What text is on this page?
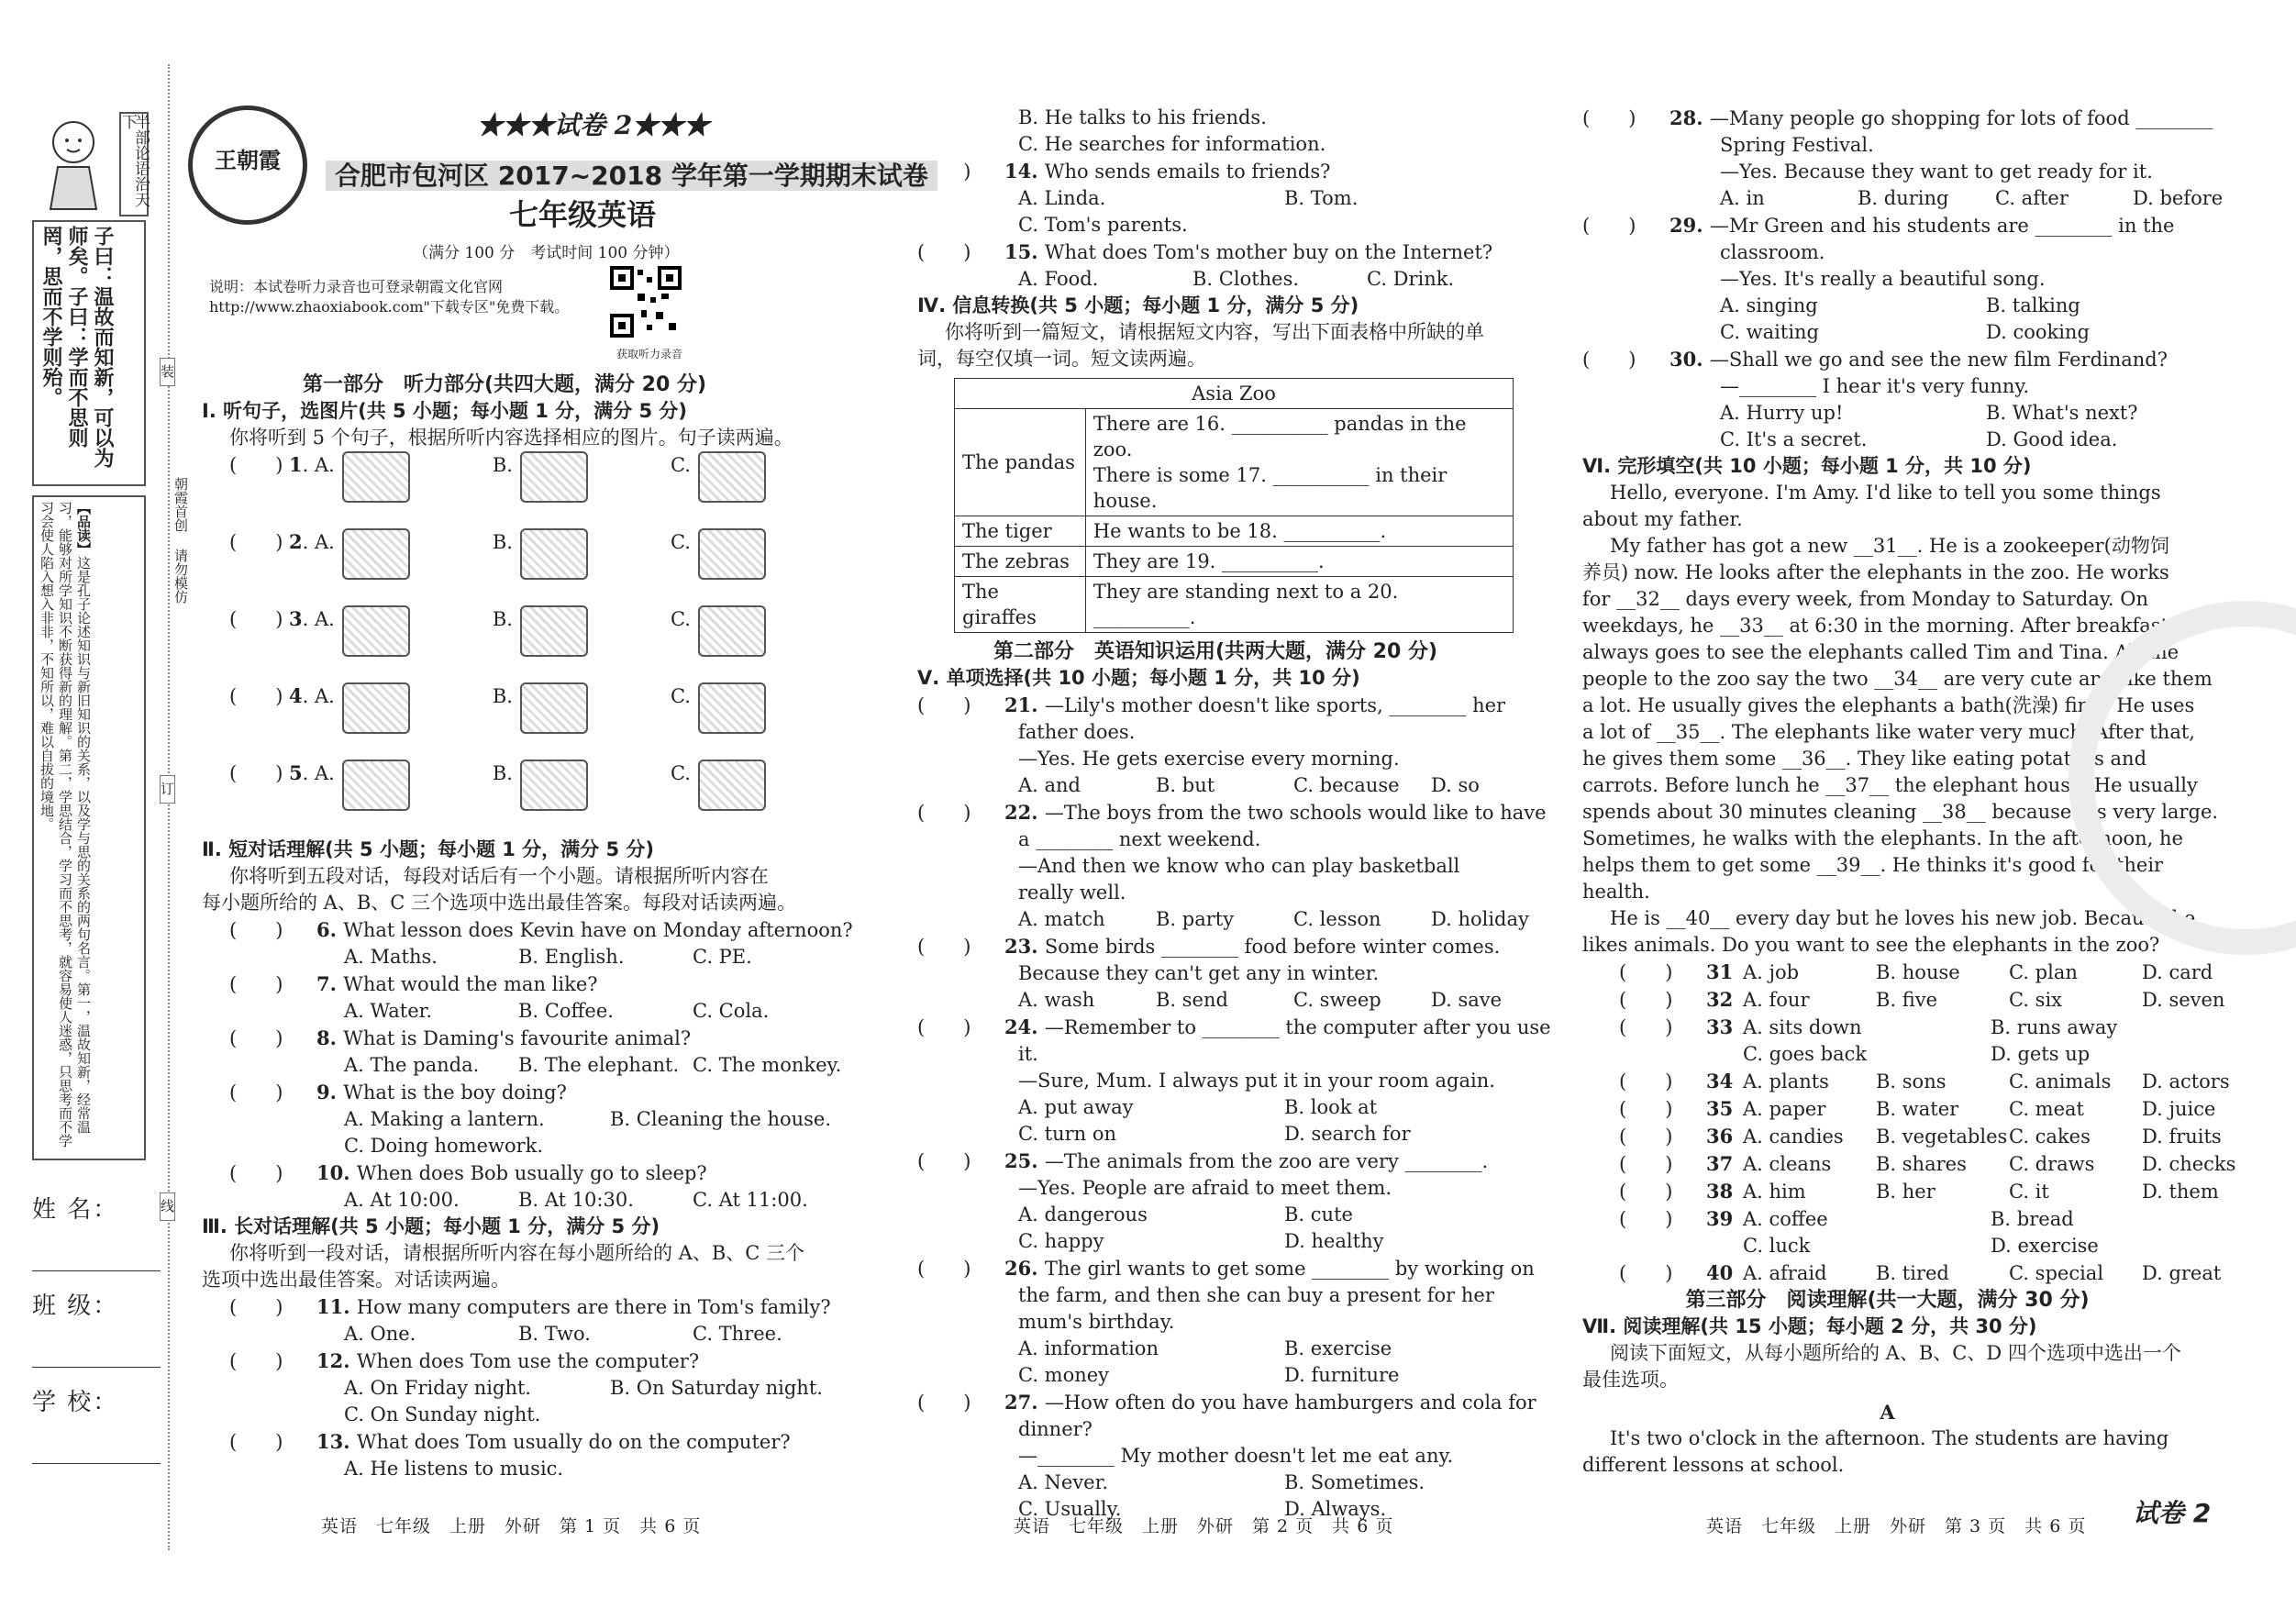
半部论语治天下
子曰：温故而知新，可以为师矣。子曰：学而不思则罔，思而不学则殆。
【品读】这是孔子论述知识与新旧知识的关系，以及学与思的关系的两句名言。第一，温故知新，经常温习，能够对所学知识不断获得新的理解。第二，学思结合，学习而不思考，就容易使人迷惑，只思考而不学习会使人陷入想入非非，不知所以，难以自拔的境地。
姓 名：
班 级：
学 校：
装
订
线
朝霞首创 请勿模仿
王朝霞
★★★试卷 2★★★
合肥市包河区 2017~2018 学年第一学期期末试卷
七年级英语
（满分 100 分　考试时间 100 分钟）
说明：本试卷听力录音也可登录朝霞文化官网 http://www.zhaoxiabook.com"下载专区"免费下载。
获取听力录音
第一部分　听力部分(共四大题，满分 20 分)
Ⅰ. 听句子，选图片(共 5 小题；每小题 1 分，满分 5 分)
你将听到 5 个句子，根据所听内容选择相应的图片。句子读两遍。
(　　) 1. A.	B.	C.
(　　) 2. A.	B.	C.
(　　) 3. A.	B.	C.
(　　) 4. A.	B.	C.
(　　) 5. A.	B.	C.
Ⅱ. 短对话理解(共 5 小题；每小题 1 分，满分 5 分)
你将听到五段对话，每段对话后有一个小题。请根据所听内容在
每小题所给的 A、B、C 三个选项中选出最佳答案。每段对话读两遍。
(　　) 6. What lesson does Kevin have on Monday afternoon?
A. Maths.	B. English.	C. PE.
(　　) 7. What would the man like?
A. Water.	B. Coffee.	C. Cola.
(　　) 8. What is Daming's favourite animal?
A. The panda. B. The elephant. C. The monkey.
(　　) 9. What is the boy doing?
A. Making a lantern.	B. Cleaning the house.
C. Doing homework.
(　　) 10. When does Bob usually go to sleep?
A. At 10:00.	B. At 10:30.	C. At 11:00.
Ⅲ. 长对话理解(共 5 小题；每小题 1 分，满分 5 分)
你将听到一段对话，请根据所听内容在每小题所给的 A、B、C 三个
选项中选出最佳答案。对话读两遍。
(　　) 11. How many computers are there in Tom's family?
A. One.	B. Two.	C. Three.
(　　) 12. When does Tom use the computer?
A. On Friday night.	B. On Saturday night.
C. On Sunday night.
(　　) 13. What does Tom usually do on the computer?
A. He listens to music.
英语　七年级　上册　外研　第 1 页　共 6 页
B. He talks to his friends.
C. He searches for information.
(　　) 14. Who sends emails to friends?
A. Linda.	B. Tom.
C. Tom's parents.
(　　) 15. What does Tom's mother buy on the Internet?
A. Food.	B. Clothes.	C. Drink.
Ⅳ. 信息转换(共 5 小题；每小题 1 分，满分 5 分)
你将听到一篇短文，请根据短文内容，写出下面表格中所缺的单
词，每空仅填一词。短文读两遍。
Asia Zoo	
The pandas	There are 16. __________ pandas in the zoo.
There is some 17. __________ in their house.

The tiger	He wants to be 18. __________.

The zebras	They are 19. __________.

The giraffes	They are standing next to a 20. __________.
第二部分　英语知识运用(共两大题，满分 20 分)
Ⅴ. 单项选择(共 10 小题；每小题 1 分，共 10 分)
(　　) 21. —Lily's mother doesn't like sports, ________ her
father does.
—Yes. He gets exercise every morning.
A. and	B. but	C. because D. so
(　　) 22. —The boys from the two schools would like to have
a ________ next weekend.
—And then we know who can play basketball
really well.
A. match	B. party	C. lesson	D. holiday
(　　) 23. Some birds ________ food before winter comes.
Because they can't get any in winter.
A. wash	B. send	C. sweep	D. save
(　　) 24. —Remember to ________ the computer after you use
it.
—Sure, Mum. I always put it in your room again.
A. put away	B. look at
C. turn on	D. search for
(　　) 25. —The animals from the zoo are very ________.
—Yes. People are afraid to meet them.
A. dangerous	B. cute
C. happy	D. healthy
(　　) 26. The girl wants to get some ________ by working on
the farm, and then she can buy a present for her
mum's birthday.
A. information	B. exercise
C. money	D. furniture
(　　) 27. —How often do you have hamburgers and cola for
dinner?
—________ My mother doesn't let me eat any.
A. Never.	B. Sometimes.
C. Usually.	D. Always.
英语　七年级　上册　外研　第 2 页　共 6 页
(　　) 28. —Many people go shopping for lots of food ________
Spring Festival.
—Yes. Because they want to get ready for it.
A. in	B. during C. after	D. before
(　　) 29. —Mr Green and his students are ________ in the
classroom.
—Yes. It's really a beautiful song.
A. singing	B. talking
C. waiting	D. cooking
(　　) 30. —Shall we go and see the new film Ferdinand?
—________ I hear it's very funny.
A. Hurry up!	B. What's next?
C. It's a secret.	D. Good idea.
Ⅵ. 完形填空(共 10 小题；每小题 1 分，共 10 分)
Hello, everyone. I'm Amy. I'd like to tell you some things
about my father.
My father has got a new __31__. He is a zookeeper(动物饲
养员) now. He looks after the elephants in the zoo. He works
for __32__ days every week, from Monday to Saturday. On
weekdays, he __33__ at 6:30 in the morning. After breakfast he
always goes to see the elephants called Tim and Tina. All the
people to the zoo say the two __34__ are very cute and like them
a lot. He usually gives the elephants a bath(洗澡) first. He uses
a lot of __35__. The elephants like water very much. After that,
he gives them some __36__. They like eating potatoes and
carrots. Before lunch he __37__ the elephant house. He usually
spends about 30 minutes cleaning __38__ because it's very large.
Sometimes, he walks with the elephants. In the afternoon, he
helps them to get some __39__. He thinks it's good for their
health.
He is __40__ every day but he loves his new job. Because he
likes animals. Do you want to see the elephants in the zoo?
(　　) 31 A. job	B. house	C. plan	D. card
(　　) 32 A. four	B. five	C. six	D. seven
(　　) 33 A. sits down	B. runs away
C. goes back	D. gets up
(　　) 34 A. plants B. sons	C. animals D. actors
(　　) 35 A. paper	B. water	C. meat	D. juice
(　　) 36 A. candies B. vegetablesC. cakes	D. fruits
(　　) 37 A. cleans B. shares C. draws D. checks
(　　) 38 A. him	B. her	C. it	D. them
(　　) 39 A. coffee	B. bread
C. luck	D. exercise
(　　) 40 A. afraid	B. tired	C. special D. great
第三部分　阅读理解(共一大题，满分 30 分)
Ⅶ. 阅读理解(共 15 小题；每小题 2 分，共 30 分)
阅读下面短文，从每小题所给的 A、B、C、D 四个选项中选出一个
最佳选项。
A
It's two o'clock in the afternoon. The students are having
different lessons at school.
英语　七年级　上册　外研　第 3 页　共 6 页 试卷 2
